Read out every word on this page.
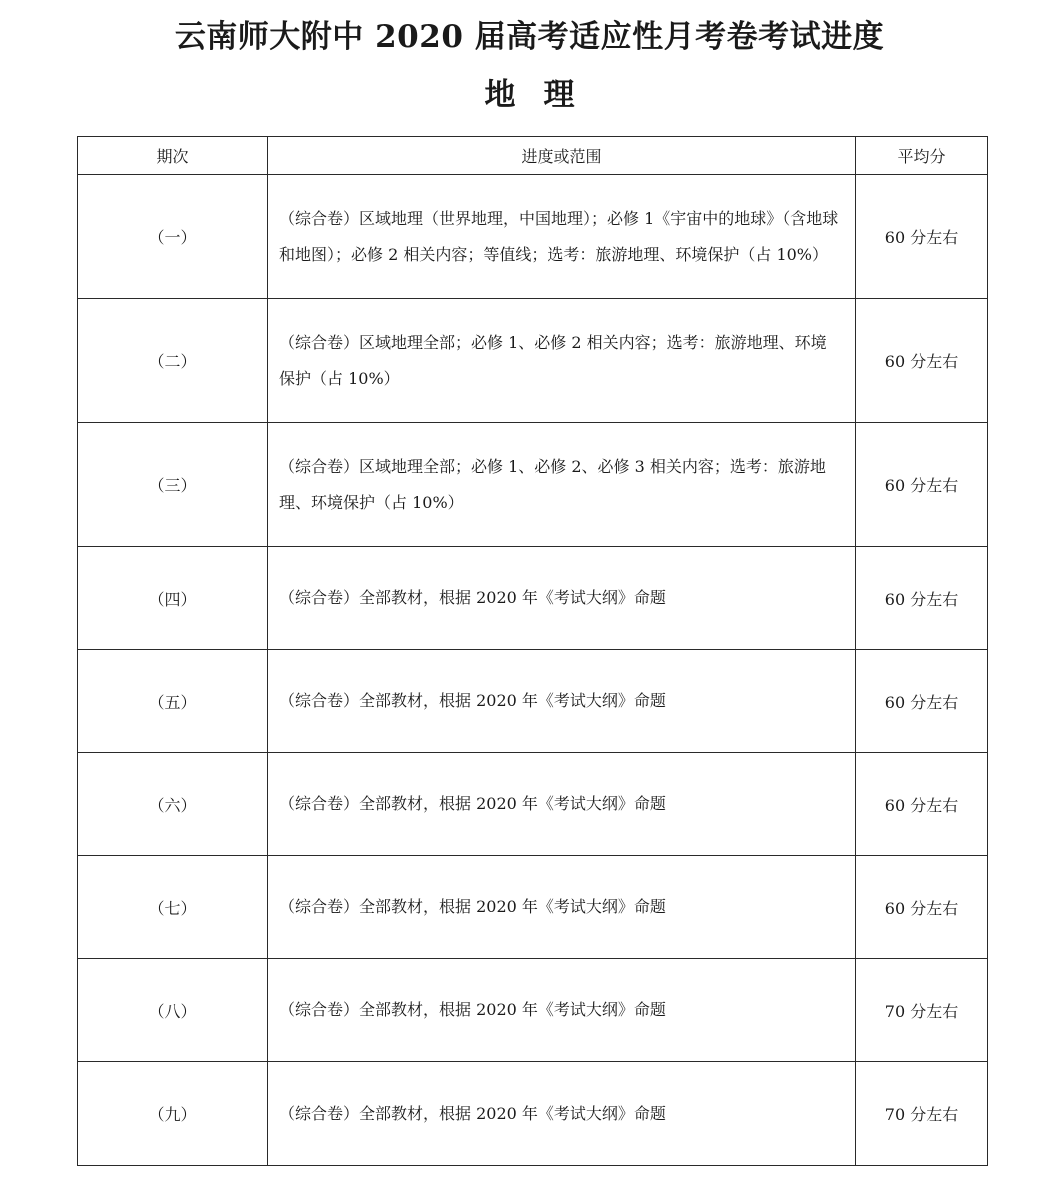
云南师大附中 2020 届高考适应性月考卷考试进度
地理
期次	进度或范围	平均分
（一）	（综合卷）区域地理（世界地理，中国地理）；必修 1《宇宙中的地球》（含地球和地图）；必修 2 相关内容；等值线；选考：旅游地理、环境保护（占 10%）	60 分左右
（二）	（综合卷）区域地理全部；必修 1、必修 2 相关内容；选考：旅游地理、环境保护（占 10%）	60 分左右
（三）	（综合卷）区域地理全部；必修 1、必修 2、必修 3 相关内容；选考：旅游地理、环境保护（占 10%）	60 分左右
（四）	（综合卷）全部教材，根据 2020 年《考试大纲》命题	60 分左右
（五）	（综合卷）全部教材，根据 2020 年《考试大纲》命题	60 分左右
（六）	（综合卷）全部教材，根据 2020 年《考试大纲》命题	60 分左右
（七）	（综合卷）全部教材，根据 2020 年《考试大纲》命题	60 分左右
（八）	（综合卷）全部教材，根据 2020 年《考试大纲》命题	70 分左右
（九）	（综合卷）全部教材，根据 2020 年《考试大纲》命题	70 分左右
